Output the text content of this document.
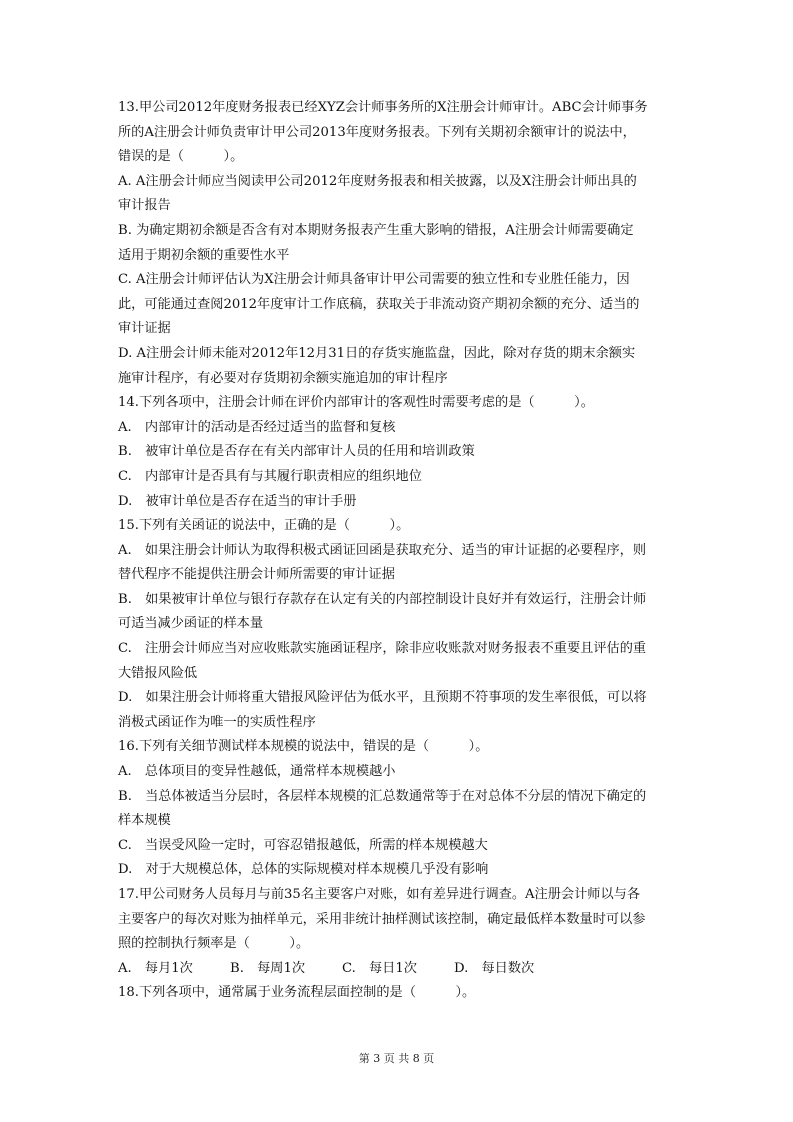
13.甲公司2012年度财务报表已经XYZ会计师事务所的X注册会计师审计。ABC会计师事务
所的A注册会计师负责审计甲公司2013年度财务报表。下列有关期初余额审计的说法中，
错误的是（　　　）。
A. A注册会计师应当阅读甲公司2012年度财务报表和相关披露，以及X注册会计师出具的
审计报告
B. 为确定期初余额是否含有对本期财务报表产生重大影响的错报，A注册会计师需要确定
适用于期初余额的重要性水平
C. A注册会计师评估认为X注册会计师具备审计甲公司需要的独立性和专业胜任能力，因
此，可能通过查阅2012年度审计工作底稿，获取关于非流动资产期初余额的充分、适当的
审计证据
D. A注册会计师未能对2012年12月31日的存货实施监盘，因此，除对存货的期末余额实
施审计程序，有必要对存货期初余额实施追加的审计程序
14.下列各项中，注册会计师在评价内部审计的客观性时需要考虑的是（　　　）。
A.　内部审计的活动是否经过适当的监督和复核
B.　被审计单位是否存在有关内部审计人员的任用和培训政策
C.　内部审计是否具有与其履行职责相应的组织地位
D.　被审计单位是否存在适当的审计手册
15.下列有关函证的说法中，正确的是（　　　）。
A.　如果注册会计师认为取得积极式函证回函是获取充分、适当的审计证据的必要程序，则
替代程序不能提供注册会计师所需要的审计证据
B.　如果被审计单位与银行存款存在认定有关的内部控制设计良好并有效运行，注册会计师
可适当减少函证的样本量
C.　注册会计师应当对应收账款实施函证程序，除非应收账款对财务报表不重要且评估的重
大错报风险低
D.　如果注册会计师将重大错报风险评估为低水平，且预期不符事项的发生率很低，可以将
消极式函证作为唯一的实质性程序
16.下列有关细节测试样本规模的说法中，错误的是（　　　）。
A.　总体项目的变异性越低，通常样本规模越小
B.　当总体被适当分层时，各层样本规模的汇总数通常等于在对总体不分层的情况下确定的
样本规模
C.　当误受风险一定时，可容忍错报越低，所需的样本规模越大
D.　对于大规模总体，总体的实际规模对样本规模几乎没有影响
17.甲公司财务人员每月与前35名主要客户对账，如有差异进行调查。A注册会计师以与各
主要客户的每次对账为抽样单元，采用非统计抽样测试该控制，确定最低样本数量时可以参
照的控制执行频率是（　　　）。
A.　每月1次	B.　每周1次	C.　每日1次	D.　每日数次
18.下列各项中，通常属于业务流程层面控制的是（　　　）。
第 3 页 共 8 页
